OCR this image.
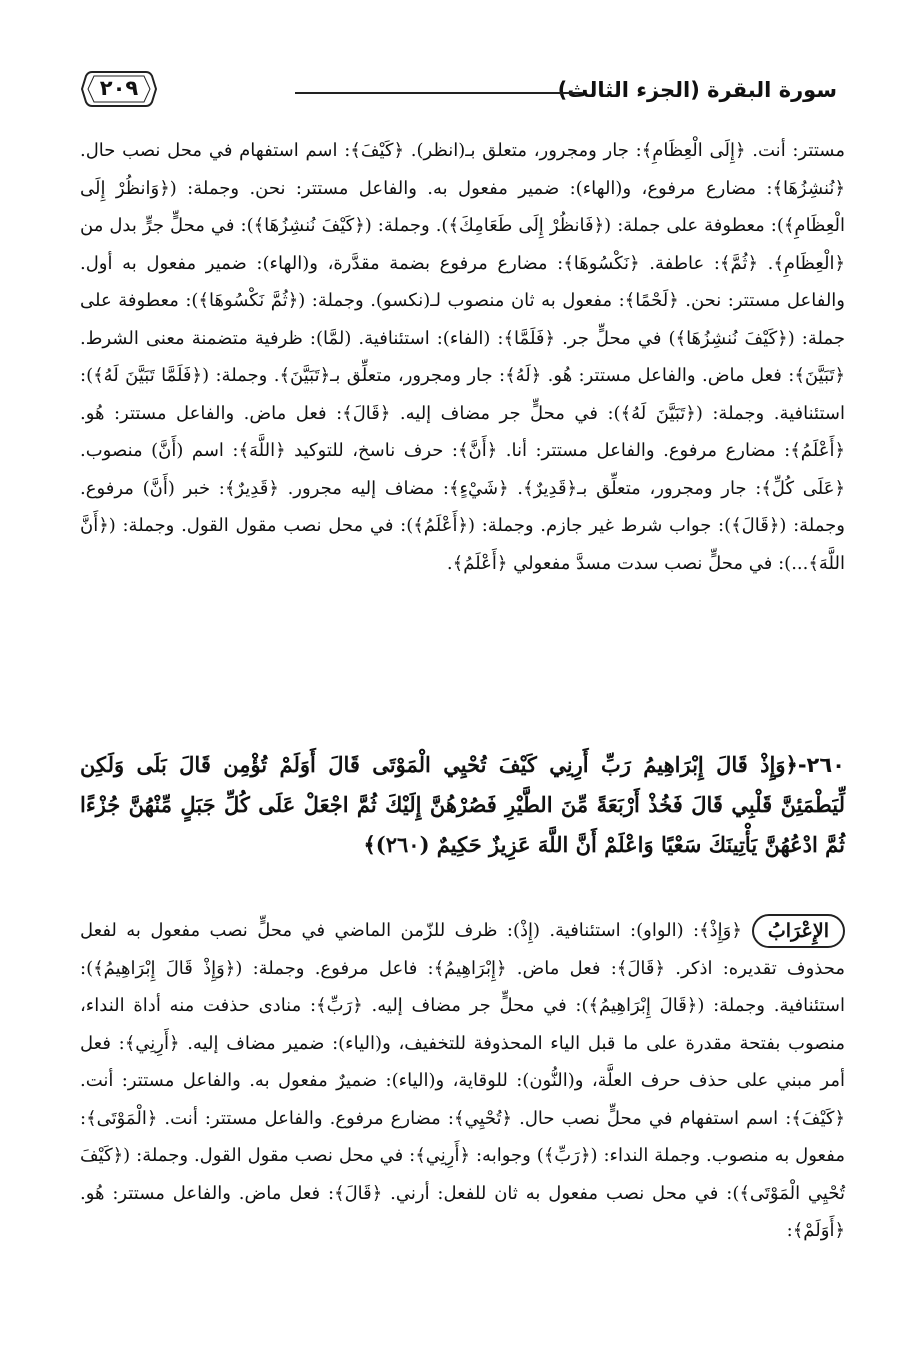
سورة البقرة (الجزء الثالث)
٢٠٩

مستتر: أنت. ﴿إِلَى الْعِظَامِ﴾: جار ومجرور، متعلق بـ(انظر). ﴿كَيْفَ﴾: اسم استفهام في محل نصب حال. ﴿نُنشِزُهَا﴾: مضارع مرفوع، و(الهاء): ضمير مفعول به. والفاعل مستتر: نحن. وجملة: (﴿وَانظُرْ إِلَى الْعِظَامِ﴾): معطوفة على جملة: (﴿فَانظُرْ إِلَى طَعَامِكَ﴾). وجملة: (﴿كَيْفَ نُنشِزُهَا﴾): في محلٍّ جرٍّ بدل من ﴿الْعِظَامِ﴾. ﴿ثُمَّ﴾: عاطفة. ﴿نَكْسُوهَا﴾: مضارع مرفوع بضمة مقدَّرة، و(الهاء): ضمير مفعول به أول. والفاعل مستتر: نحن. ﴿لَحْمًا﴾: مفعول به ثان منصوب لـ(نكسو). وجملة: (﴿ثُمَّ نَكْسُوهَا﴾): معطوفة على جملة: (﴿كَيْفَ نُنشِزُهَا﴾) في محلٍّ جر. ﴿فَلَمَّا﴾: (الفاء): استئنافية. (لمَّا): ظرفية متضمنة معنى الشرط. ﴿تَبَيَّنَ﴾: فعل ماض. والفاعل مستتر: هُو. ﴿لَهُ﴾: جار ومجرور، متعلِّق بـ﴿تَبَيَّنَ﴾. وجملة: (﴿فَلَمَّا تَبَيَّنَ لَهُ﴾): استئنافية. وجملة: (﴿تَبَيَّنَ لَهُ﴾): في محلٍّ جر مضاف إليه. ﴿قَالَ﴾: فعل ماض. والفاعل مستتر: هُو. ﴿أَعْلَمُ﴾: مضارع مرفوع. والفاعل مستتر: أنا. ﴿أَنَّ﴾: حرف ناسخ، للتوكيد ﴿اللَّهَ﴾: اسم (أَنَّ) منصوب. ﴿عَلَى كُلِّ﴾: جار ومجرور، متعلِّق بـ﴿قَدِيرٌ﴾. ﴿شَيْءٍ﴾: مضاف إليه مجرور. ﴿قَدِيرٌ﴾: خبر (أَنَّ) مرفوع. وجملة: (﴿قَالَ﴾): جواب شرط غير جازم. وجملة: (﴿أَعْلَمُ﴾): في محل نصب مقول القول. وجملة: (﴿أَنَّ اللَّهَ﴾...): في محلٍّ نصب سدت مسدَّ مفعولي ﴿أَعْلَمُ﴾.

٢٦٠-﴿وَإِذْ قَالَ إِبْرَاهِيمُ رَبِّ أَرِنِي كَيْفَ تُحْيِي الْمَوْتَى قَالَ أَوَلَمْ تُؤْمِن قَالَ بَلَى وَلَكِن لِّيَطْمَئِنَّ قَلْبِي قَالَ فَخُذْ أَرْبَعَةً مِّنَ الطَّيْرِ فَصُرْهُنَّ إِلَيْكَ ثُمَّ اجْعَلْ عَلَى كُلِّ جَبَلٍ مِّنْهُنَّ جُزْءًا ثُمَّ ادْعُهُنَّ يَأْتِينَكَ سَعْيًا وَاعْلَمْ أَنَّ اللَّهَ عَزِيزٌ حَكِيمٌ (٢٦٠)﴾

الإِعْرَابُ﴿وَإِذْ﴾: (الواو): استئنافية. (إِذْ): ظرف للزّمن الماضي في محلٍّ نصب مفعول به لفعل محذوف تقديره: اذكر. ﴿قَالَ﴾: فعل ماض. ﴿إِبْرَاهِيمُ﴾: فاعل مرفوع. وجملة: (﴿وَإِذْ قَالَ إِبْرَاهِيمُ﴾): استئنافية. وجملة: (﴿قَالَ إِبْرَاهِيمُ﴾): في محلٍّ جر مضاف إليه. ﴿رَبِّ﴾: منادى حذفت منه أداة النداء، منصوب بفتحة مقدرة على ما قبل الياء المحذوفة للتخفيف، و(الياء): ضمير مضاف إليه. ﴿أَرِنِي﴾: فعل أمر مبني على حذف حرف العلَّة، و(النُّون): للوقاية، و(الياء): ضميرٌ مفعول به. والفاعل مستتر: أنت. ﴿كَيْفَ﴾: اسم استفهام في محلٍّ نصب حال. ﴿تُحْيِي﴾: مضارع مرفوع. والفاعل مستتر: أنت. ﴿الْمَوْتَى﴾: مفعول به منصوب. وجملة النداء: (﴿رَبِّ﴾) وجوابه: ﴿أَرِنِي﴾: في محل نصب مقول القول. وجملة: (﴿كَيْفَ تُحْيِي الْمَوْتَى﴾): في محل نصب مفعول به ثان للفعل: أرني. ﴿قَالَ﴾: فعل ماض. والفاعل مستتر: هُو. ﴿أَوَلَمْ﴾:
